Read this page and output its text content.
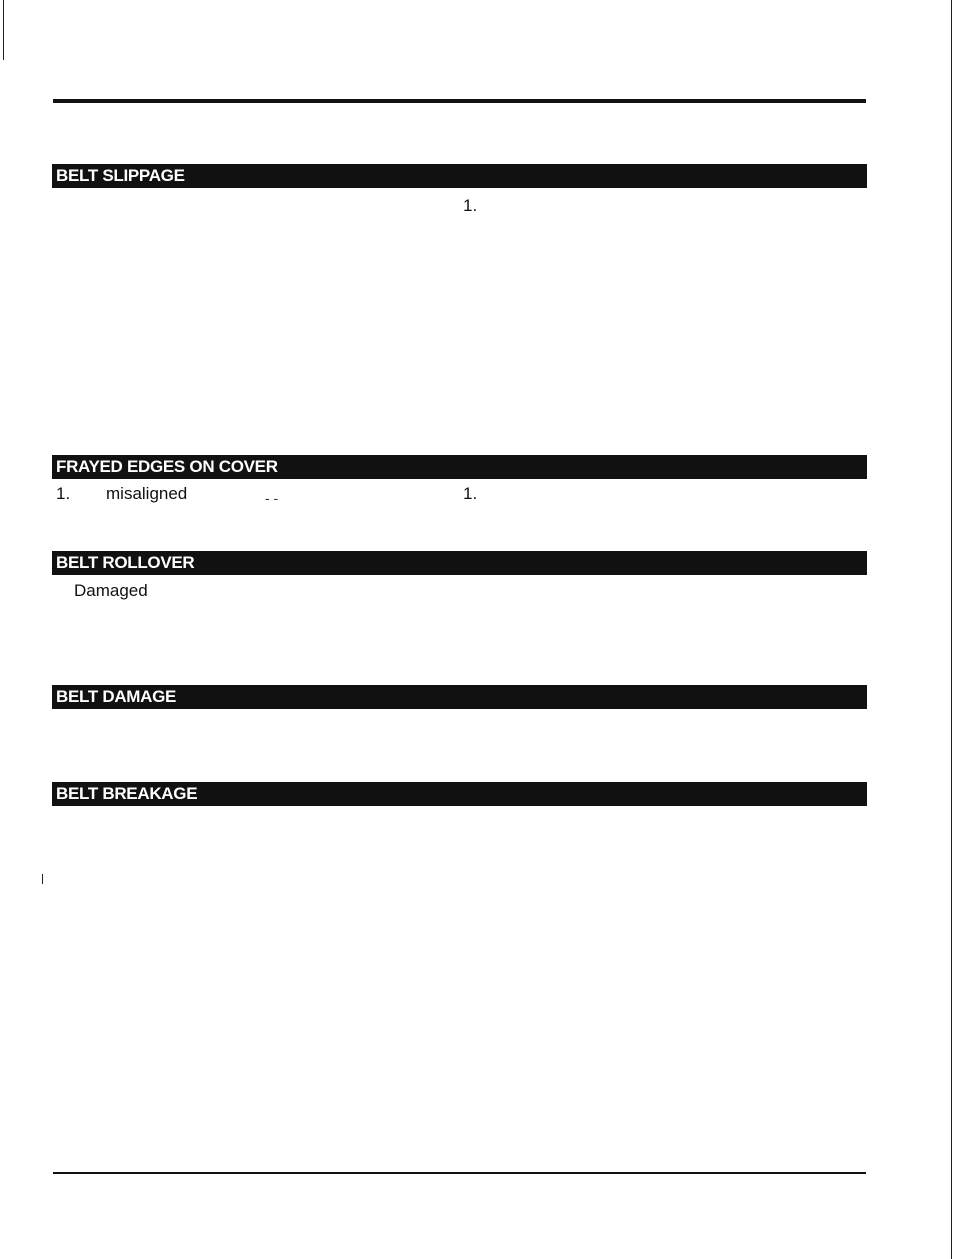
BELT SLIPPAGE
1.
FRAYED EDGES ON COVER
1. misaligned	- -	1.
BELT ROLLOVER
Damaged
BELT DAMAGE
BELT BREAKAGE
